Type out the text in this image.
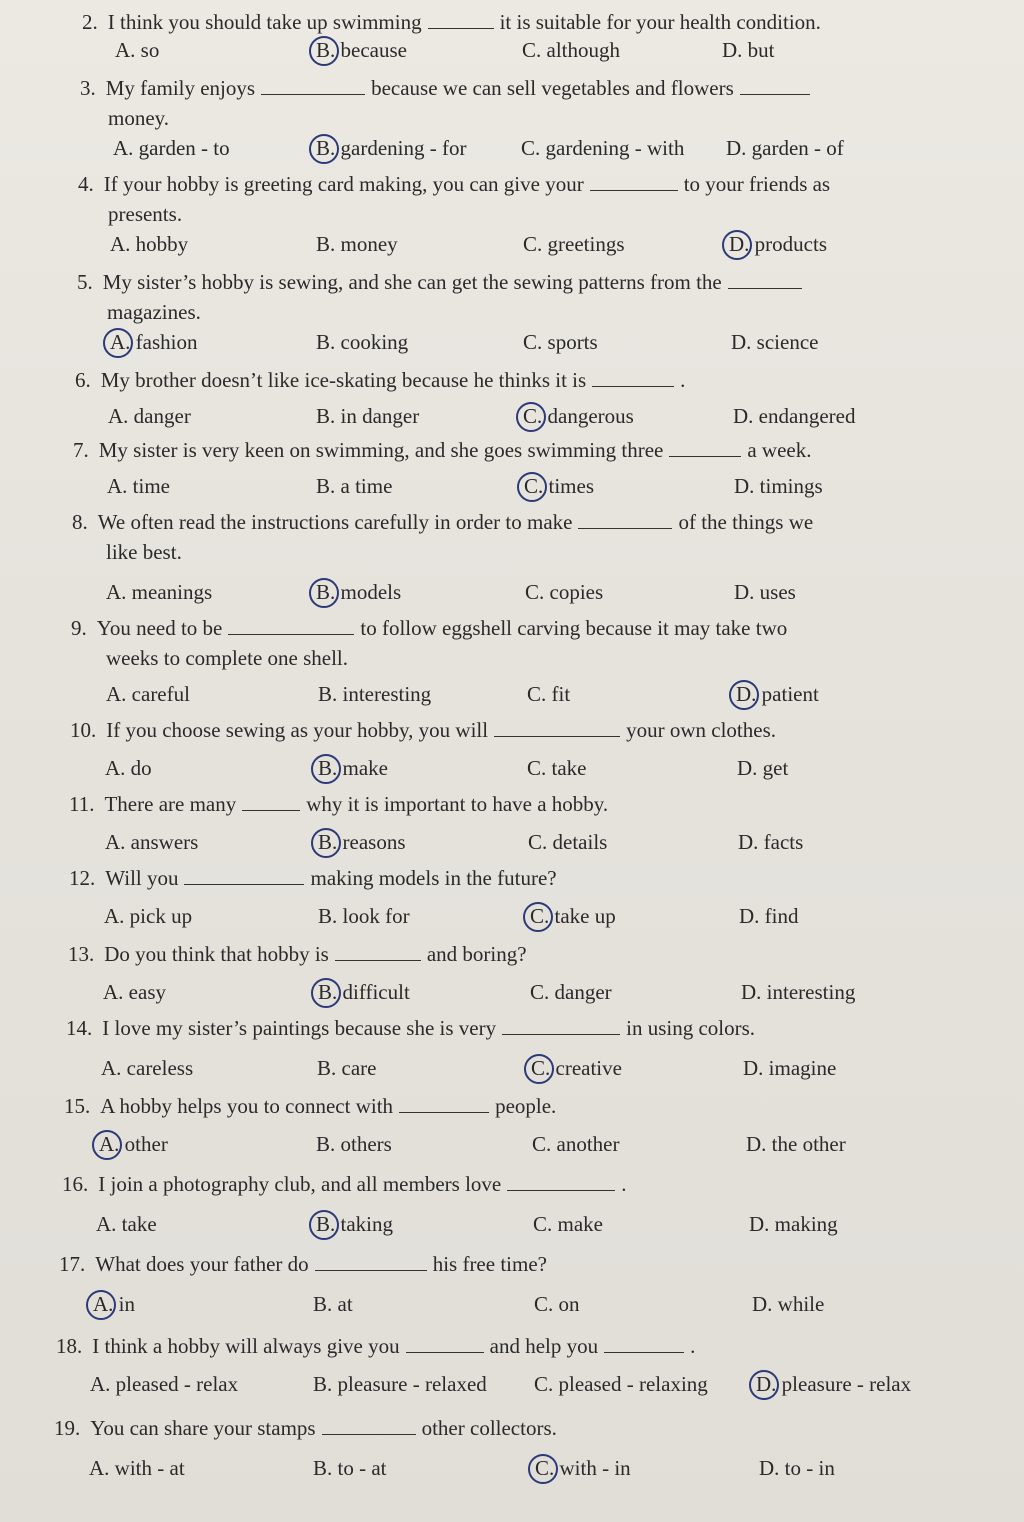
2.I think you should take up swimming	it is suitable for your health condition.
A. so	B. because	C. although	D. but
3.My family enjoys	because we can sell vegetables and flowers
money.
A. garden - to	B. gardening - for	C. gardening - with D. garden - of
4.If your hobby is greeting card making, you can give your	to your friends as
presents.
A. hobby	B. money	C. greetings	D. products
5.My sister’s hobby is sewing, and she can get the sewing patterns from the
magazines.
A. fashion	B. cooking	C. sports	D. science
6.My brother doesn’t like ice-skating because he thinks it is	.
A. danger	B. in danger	C. dangerous	D. endangered
7.My sister is very keen on swimming, and she goes swimming three	a week.
A. time	B. a time	C. times	D. timings
8.We often read the instructions carefully in order to make	of the things we
like best.
A. meanings	B. models	C. copies	D. uses
9.You need to be	to follow eggshell carving because it may take two
weeks to complete one shell.
A. careful	B. interesting	C. fit	D. patient
10.If you choose sewing as your hobby, you will	your own clothes.
A. do	B. make	C. take	D. get
11.There are many	why it is important to have a hobby.
A. answers	B. reasons	C. details	D. facts
12.Will you	making models in the future?
A. pick up	B. look for	C. take up	D. find
13.Do you think that hobby is	and boring?
A. easy	B. difficult	C. danger	D. interesting
14.I love my sister’s paintings because she is very	in using colors.
A. careless	B. care	C. creative	D. imagine
15.A hobby helps you to connect with	people.
A. other	B. others	C. another	D. the other
16.I join a photography club, and all members love	.
A. take	B. taking	C. make	D. making
17.What does your father do	his free time?
A. in	B. at	C. on	D. while
18.I think a hobby will always give you	and help you	.
A. pleased - relax	B. pleasure - relaxed C. pleased - relaxing D. pleasure - relax
19.You can share your stamps	other collectors.
A. with - at	B. to - at	C. with - in	D. to - in
